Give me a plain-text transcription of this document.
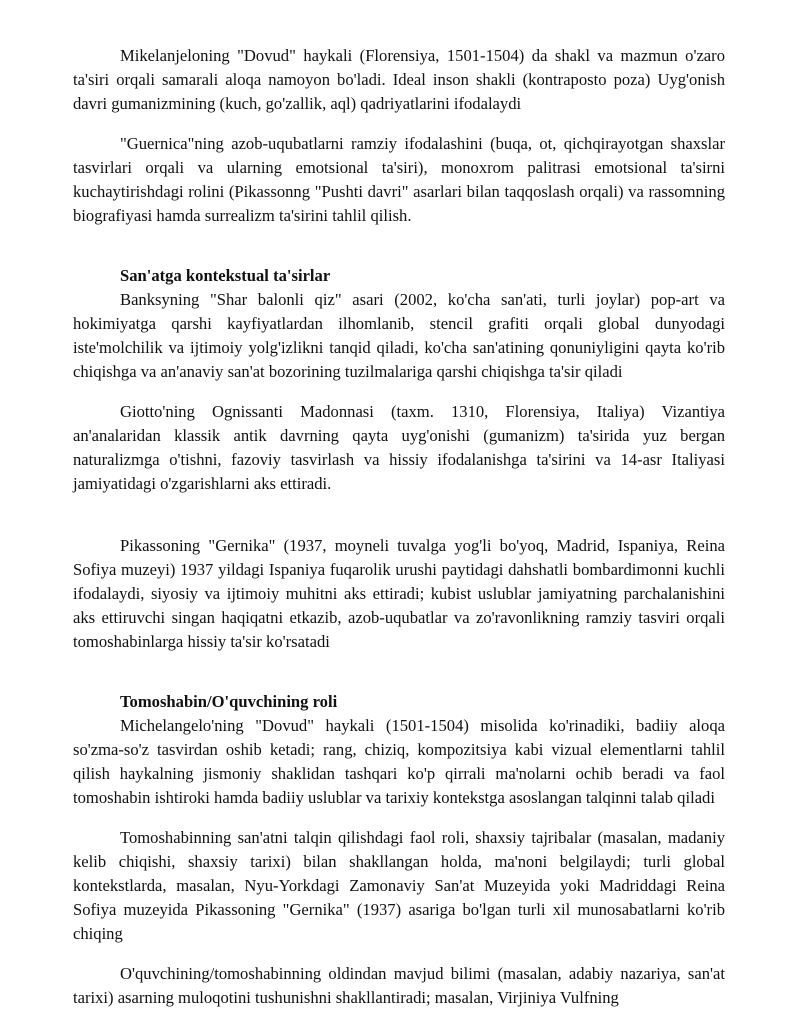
Mikelanjeloning "Dovud" haykali (Florensiya, 1501-1504) da shakl va mazmun o'zaro ta'siri orqali samarali aloqa namoyon bo'ladi. Ideal inson shakli (kontraposto poza) Uyg'onish davri gumanizmining (kuch, go'zallik, aql) qadriyatlarini ifodalaydi

"Guernica"ning azob-uqubatlarni ramziy ifodalashini (buqa, ot, qichqirayotgan shaxslar tasvirlari orqali va ularning emotsional ta'siri), monoxrom palitrasi emotsional ta'sirni kuchaytirishdagi rolini (Pikassonng "Pushti davri" asarlari bilan taqqoslash orqali) va rassomning biografiyasi hamda surrealizm ta'sirini tahlil qilish.

San'atga kontekstual ta'sirlar

Banksyning "Shar balonli qiz" asari (2002, ko'cha san'ati, turli joylar) pop-art va hokimiyatga qarshi kayfiyatlardan ilhomlanib, stencil grafiti orqali global dunyodagi iste'molchilik va ijtimoiy yolg'izlikni tanqid qiladi, ko'cha san'atining qonuniyligini qayta ko'rib chiqishga va an'anaviy san'at bozorining tuzilmalariga qarshi chiqishga ta'sir qiladi

Giotto'ning Ognissanti Madonnasi (taxm. 1310, Florensiya, Italiya) Vizantiya an'analaridan klassik antik davrning qayta uyg'onishi (gumanizm) ta'sirida yuz bergan naturalizmga o'tishni, fazoviy tasvirlash va hissiy ifodalanishga ta'sirini va 14-asr Italiyasi jamiyatidagi o'zgarishlarni aks ettiradi.

Pikassoning "Gernika" (1937, moyneli tuvalga yog'li bo'yoq, Madrid, Ispaniya, Reina Sofiya muzeyi) 1937 yildagi Ispaniya fuqarolik urushi paytidagi dahshatli bombardimonni kuchli ifodalaydi, siyosiy va ijtimoiy muhitni aks ettiradi; kubist uslublar jamiyatning parchalanishini aks ettiruvchi singan haqiqatni etkazib, azob-uqubatlar va zo'ravonlikning ramziy tasviri orqali tomoshabinlarga hissiy ta'sir ko'rsatadi

Tomoshabin/O'quvchining roli

Michelangelo'ning "Dovud" haykali (1501-1504) misolida ko'rinadiki, badiiy aloqa so'zma-so'z tasvirdan oshib ketadi; rang, chiziq, kompozitsiya kabi vizual elementlarni tahlil qilish haykalning jismoniy shaklidan tashqari ko'p qirrali ma'nolarni ochib beradi va faol tomoshabin ishtiroki hamda badiiy uslublar va tarixiy kontekstga asoslangan talqinni talab qiladi

Tomoshabinning san'atni talqin qilishdagi faol roli, shaxsiy tajribalar (masalan, madaniy kelib chiqishi, shaxsiy tarixi) bilan shakllangan holda, ma'noni belgilaydi; turli global kontekstlarda, masalan, Nyu-Yorkdagi Zamonaviy San'at Muzeyida yoki Madriddagi Reina Sofiya muzeyida Pikassoning "Gernika" (1937) asariga bo'lgan turli xil munosabatlarni ko'rib chiqing

O'quvchining/tomoshabinning oldindan mavjud bilimi (masalan, adabiy nazariya, san'at tarixi) asarning muloqotini tushunishni shakllantiradi; masalan, Virjiniya Vulfning
